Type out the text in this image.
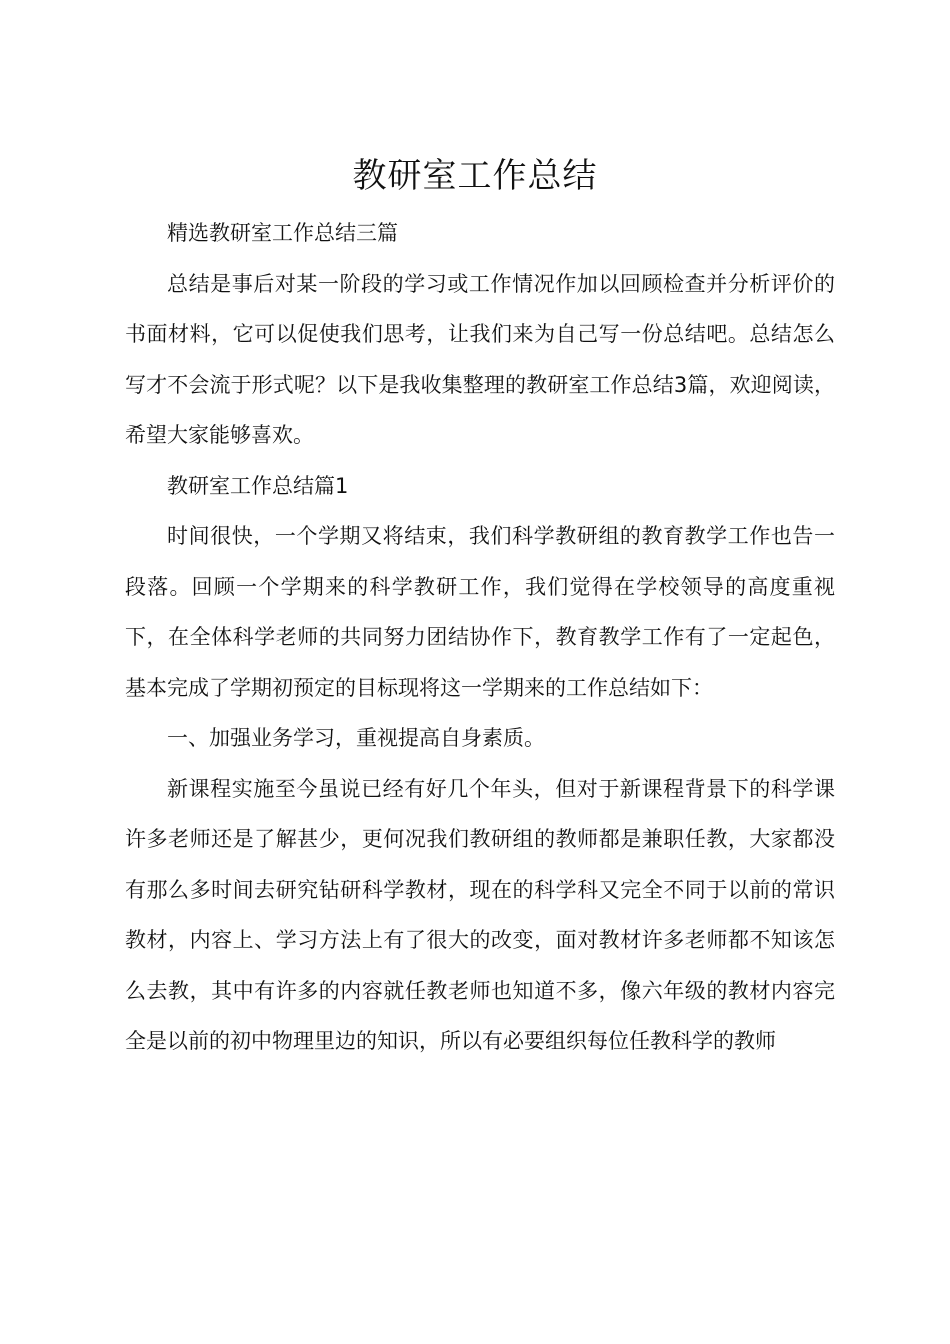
教研室工作总结

精选教研室工作总结三篇

总结是事后对某一阶段的学习或工作情况作加以回顾检查并分析评价的书面材料，它可以促使我们思考，让我们来为自己写一份总结吧。总结怎么写才不会流于形式呢？以下是我收集整理的教研室工作总结3篇，欢迎阅读，希望大家能够喜欢。

教研室工作总结篇1

时间很快，一个学期又将结束，我们科学教研组的教育教学工作也告一段落。回顾一个学期来的科学教研工作，我们觉得在学校领导的高度重视下，在全体科学老师的共同努力团结协作下，教育教学工作有了一定起色，基本完成了学期初预定的目标现将这一学期来的工作总结如下：

一、加强业务学习，重视提高自身素质。

新课程实施至今虽说已经有好几个年头，但对于新课程背景下的科学课许多老师还是了解甚少，更何况我们教研组的教师都是兼职任教，大家都没有那么多时间去研究钻研科学教材，现在的科学科又完全不同于以前的常识教材，内容上、学习方法上有了很大的改变，面对教材许多老师都不知该怎么去教，其中有许多的内容就任教老师也知道不多，像六年级的教材内容完全是以前的初中物理里边的知识，所以有必要组织每位任教科学的教师
